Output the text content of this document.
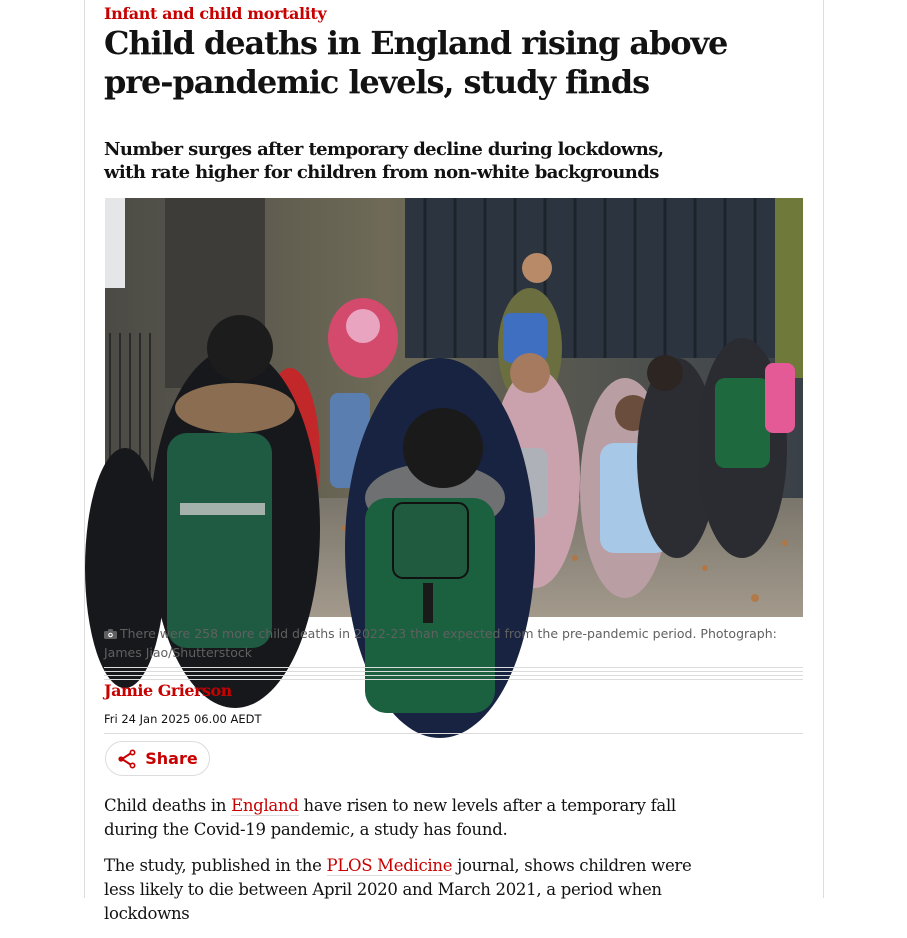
Infant and child mortality
Child deaths in England rising above pre-pandemic levels, study finds
Number surges after temporary decline during lockdowns, with rate higher for children from non-white backgrounds
There were 258 more child deaths in 2022-23 than expected from the pre-pandemic period. Photograph: James Jiao/Shutterstock
Jamie Grierson
Fri 24 Jan 2025 06.00 AEDT
Share

Child deaths in England have risen to new levels after a temporary fall during the Covid-19 pandemic, a study has found.

The study, published in the PLOS Medicine journal, shows children were less likely to die between April 2020 and March 2021, a period when lockdowns
